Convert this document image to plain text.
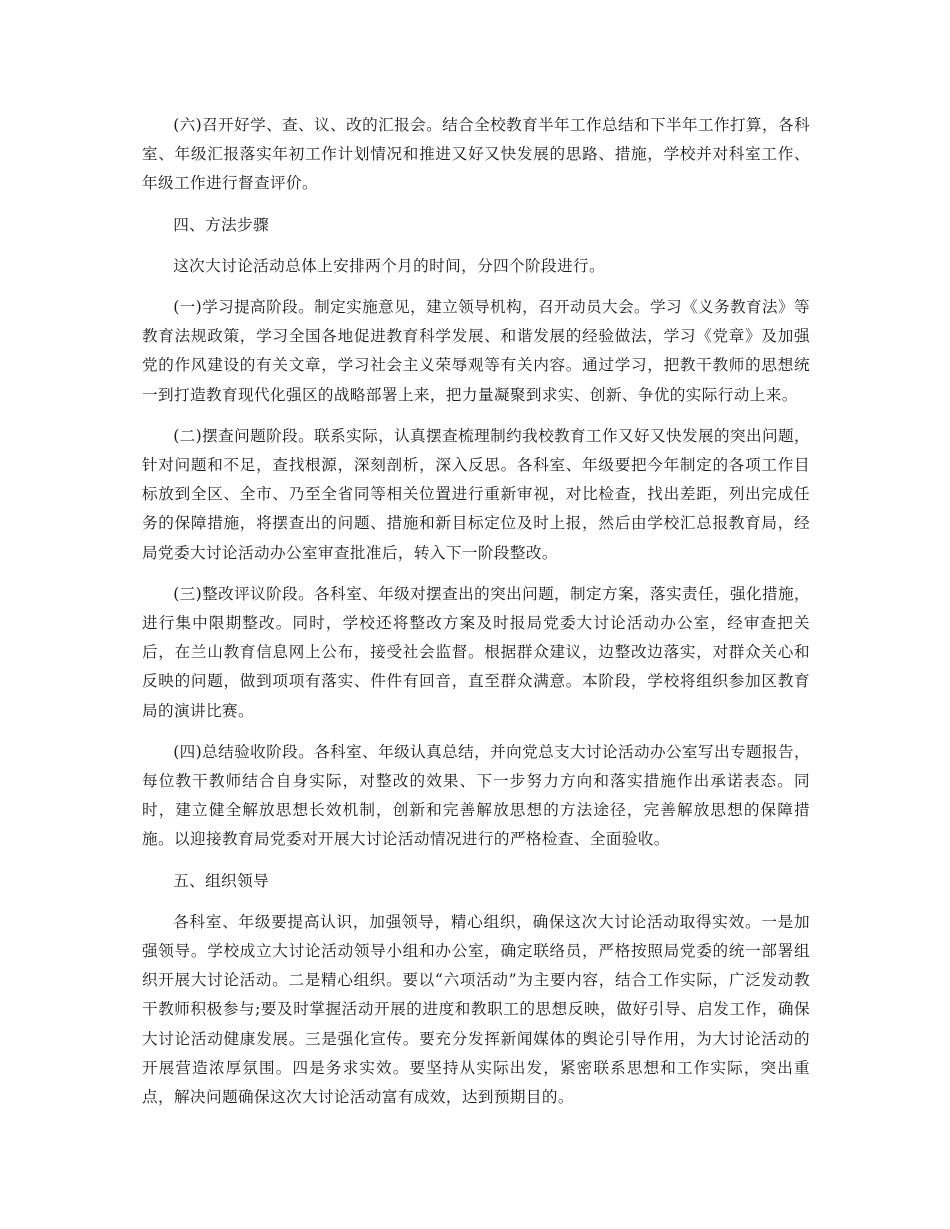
(六)召开好学、查、议、改的汇报会。结合全校教育半年工作总结和下半年工作打算，各科室、年级汇报落实年初工作计划情况和推进又好又快发展的思路、措施，学校并对科室工作、年级工作进行督查评价。

四、方法步骤

这次大讨论活动总体上安排两个月的时间，分四个阶段进行。

(一)学习提高阶段。制定实施意见，建立领导机构，召开动员大会。学习《义务教育法》等教育法规政策，学习全国各地促进教育科学发展、和谐发展的经验做法，学习《党章》及加强党的作风建设的有关文章，学习社会主义荣辱观等有关内容。通过学习，把教干教师的思想统一到打造教育现代化强区的战略部署上来，把力量凝聚到求实、创新、争优的实际行动上来。

(二)摆查问题阶段。联系实际，认真摆查梳理制约我校教育工作又好又快发展的突出问题，针对问题和不足，查找根源，深刻剖析，深入反思。各科室、年级要把今年制定的各项工作目标放到全区、全市、乃至全省同等相关位置进行重新审视，对比检查，找出差距，列出完成任务的保障措施，将摆查出的问题、措施和新目标定位及时上报，然后由学校汇总报教育局，经局党委大讨论活动办公室审查批准后，转入下一阶段整改。

(三)整改评议阶段。各科室、年级对摆查出的突出问题，制定方案，落实责任，强化措施，进行集中限期整改。同时，学校还将整改方案及时报局党委大讨论活动办公室，经审查把关后，在兰山教育信息网上公布，接受社会监督。根据群众建议，边整改边落实，对群众关心和反映的问题，做到项项有落实、件件有回音，直至群众满意。本阶段，学校将组织参加区教育局的演讲比赛。

(四)总结验收阶段。各科室、年级认真总结，并向党总支大讨论活动办公室写出专题报告，每位教干教师结合自身实际，对整改的效果、下一步努力方向和落实措施作出承诺表态。同时，建立健全解放思想长效机制，创新和完善解放思想的方法途径，完善解放思想的保障措施。以迎接教育局党委对开展大讨论活动情况进行的严格检查、全面验收。

五、组织领导

各科室、年级要提高认识，加强领导，精心组织，确保这次大讨论活动取得实效。一是加强领导。学校成立大讨论活动领导小组和办公室，确定联络员，严格按照局党委的统一部署组织开展大讨论活动。二是精心组织。要以“六项活动”为主要内容，结合工作实际，广泛发动教干教师积极参与;要及时掌握活动开展的进度和教职工的思想反映，做好引导、启发工作，确保大讨论活动健康发展。三是强化宣传。要充分发挥新闻媒体的舆论引导作用，为大讨论活动的开展营造浓厚氛围。四是务求实效。要坚持从实际出发，紧密联系思想和工作实际，突出重点，解决问题确保这次大讨论活动富有成效，达到预期目的。
